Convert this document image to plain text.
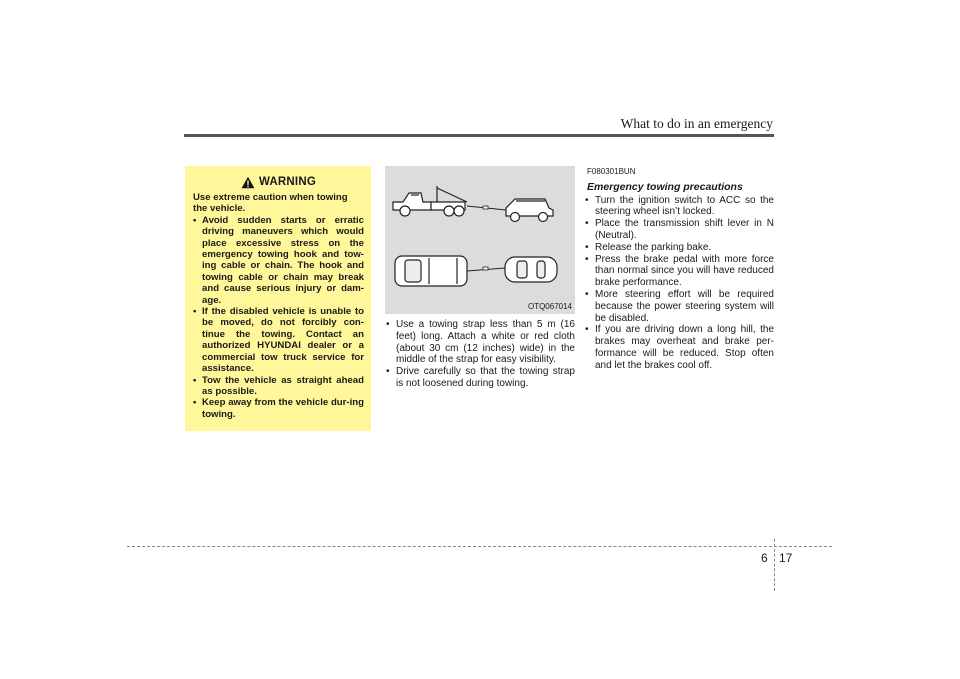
What to do in an emergency
WARNING

Use extreme caution when towing the vehicle.

• Avoid sudden starts or erratic driving maneuvers which would place excessive stress on the emergency towing hook and tow-ing cable or chain. The hook and towing cable or chain may break and cause serious injury or dam-age.
• If the disabled vehicle is unable to be moved, do not forcibly con-tinue the towing. Contact an authorized HYUNDAI dealer or a commercial tow truck service for assistance.
• Tow the vehicle as straight ahead as possible.
• Keep away from the vehicle dur-ing towing.
OTQ067014
• Use a towing strap less than 5 m (16 feet) long. Attach a white or red cloth (about 30 cm (12 inches) wide) in the middle of the strap for easy visibility.
• Drive carefully so that the towing strap is not loosened during towing.

F080301BUN

Emergency towing precautions

• Turn the ignition switch to ACC so the steering wheel isn’t locked.
• Place the transmission shift lever in N (Neutral).
• Release the parking bake.
• Press the brake pedal with more force than normal since you will have reduced brake performance.
• More steering effort will be required because the power steering system will be disabled.
• If you are driving down a long hill, the brakes may overheat and brake per-formance will be reduced. Stop often and let the brakes cool off.
6 17
